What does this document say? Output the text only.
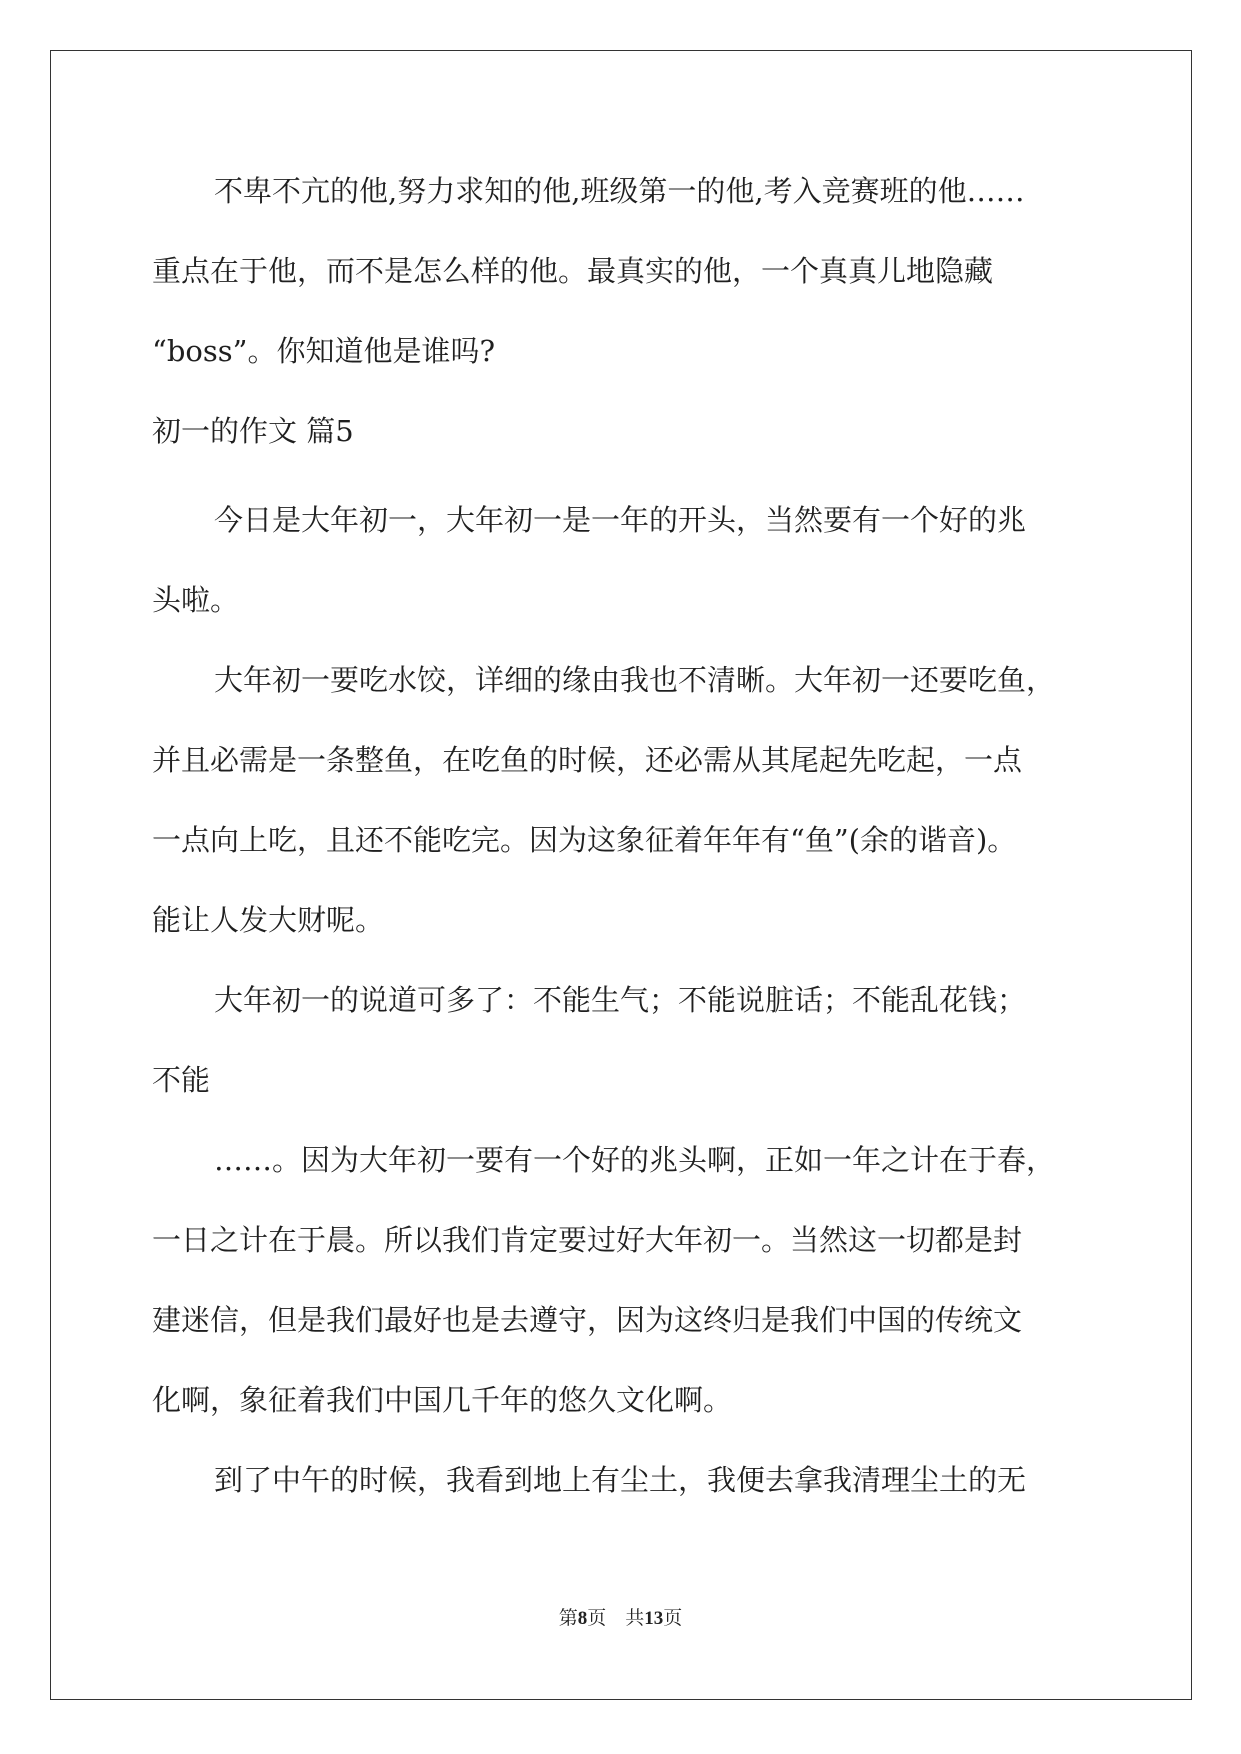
不卑不亢的他,努力求知的他,班级第一的他,考入竞赛班的他……

重点在于他，而不是怎么样的他。最真实的他，一个真真儿地隐藏

“boss”。你知道他是谁吗?

初一的作文 篇5

今日是大年初一，大年初一是一年的开头，当然要有一个好的兆

头啦。

大年初一要吃水饺，详细的缘由我也不清晰。大年初一还要吃鱼，

并且必需是一条整鱼，在吃鱼的时候，还必需从其尾起先吃起，一点

一点向上吃，且还不能吃完。因为这象征着年年有“鱼”(余的谐音)。

能让人发大财呢。

大年初一的说道可多了：不能生气；不能说脏话；不能乱花钱；

不能

……。因为大年初一要有一个好的兆头啊，正如一年之计在于春，

一日之计在于晨。所以我们肯定要过好大年初一。当然这一切都是封

建迷信，但是我们最好也是去遵守，因为这终归是我们中国的传统文

化啊，象征着我们中国几千年的悠久文化啊。

到了中午的时候，我看到地上有尘土，我便去拿我清理尘土的无

第8页 共13页
